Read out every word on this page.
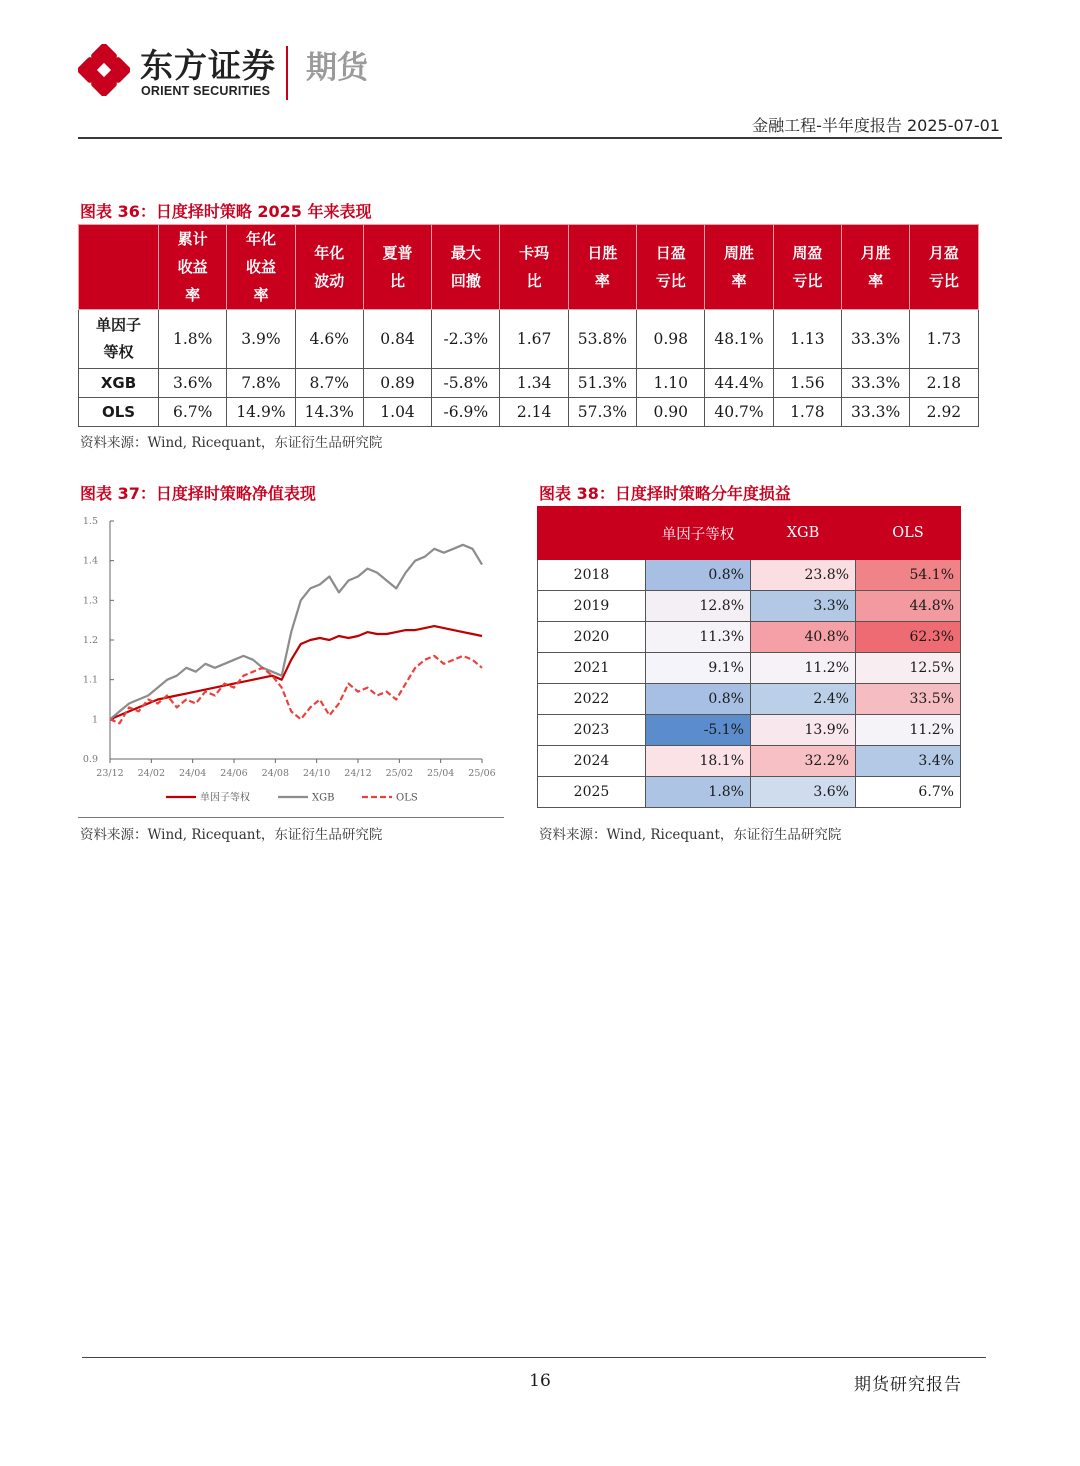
东方证券
ORIENT SECURITIES
期货
金融工程-半年度报告 2025-07-01
图表 36：日度择时策略 2025 年来表现
	累计
收益
率	年化
收益
率	年化
波动	夏普
比	最大
回撤	卡玛
比	日胜
率	日盈
亏比	周胜
率	周盈
亏比	月胜
率	月盈
亏比
单因子
等权	1.8%	3.9%	4.6%	0.84	-2.3%	1.67	53.8%	0.98	48.1%	1.13	33.3%	1.73
XGB	3.6%	7.8%	8.7%	0.89	-5.8%	1.34	51.3%	1.10	44.4%	1.56	33.3%	2.18
OLS	6.7%	14.9%	14.3%	1.04	-6.9%	2.14	57.3%	0.90	40.7%	1.78	33.3%	2.92
资料来源：Wind, Ricequant，东证衍生品研究院
图表 37：日度择时策略净值表现
0.9
1
1.1
1.2
1.3
1.4
1.5
23/12 24/02 24/04 24/06 24/08 24/10 24/12 25/02 25/04 25/06
单因子等权	XGB	OLS
资料来源：Wind, Ricequant，东证衍生品研究院
图表 38：日度择时策略分年度损益
	单因子等权	XGB	OLS
2018	0.8%	23.8%	54.1%
2019	12.8%	3.3%	44.8%
2020	11.3%	40.8%	62.3%
2021	9.1%	11.2%	12.5%
2022	0.8%	2.4%	33.5%
2023	-5.1%	13.9%	11.2%
2024	18.1%	32.2%	3.4%
2025	1.8%	3.6%	6.7%
资料来源：Wind, Ricequant，东证衍生品研究院
16	期货研究报告
